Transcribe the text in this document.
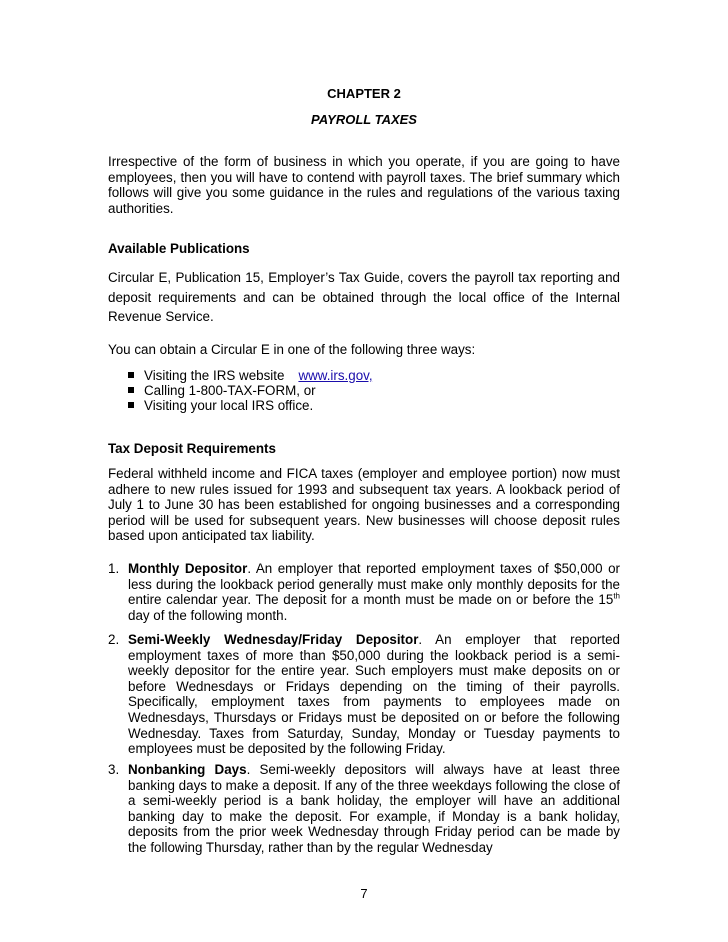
CHAPTER 2
PAYROLL TAXES
Irrespective of the form of business in which you operate, if you are going to have employees, then you will have to contend with payroll taxes. The brief summary which follows will give you some guidance in the rules and regulations of the various taxing authorities.
Available Publications
Circular E, Publication 15, Employer’s Tax Guide, covers the payroll tax reporting and deposit requirements and can be obtained through the local office of the Internal Revenue Service.
You can obtain a Circular E in one of the following three ways:
Visiting the IRS website www.irs.gov,
Calling 1-800-TAX-FORM, or
Visiting your local IRS office.
Tax Deposit Requirements
Federal withheld income and FICA taxes (employer and employee portion) now must adhere to new rules issued for 1993 and subsequent tax years. A lookback period of July 1 to June 30 has been established for ongoing businesses and a corresponding period will be used for subsequent years. New businesses will choose deposit rules based upon anticipated tax liability.
1. Monthly Depositor. An employer that reported employment taxes of $50,000 or less during the lookback period generally must make only monthly deposits for the entire calendar year. The deposit for a month must be made on or before the 15th day of the following month.
2. Semi-Weekly Wednesday/Friday Depositor. An employer that reported employment taxes of more than $50,000 during the lookback period is a semi-weekly depositor for the entire year. Such employers must make deposits on or before Wednesdays or Fridays depending on the timing of their payrolls. Specifically, employment taxes from payments to employees made on Wednesdays, Thursdays or Fridays must be deposited on or before the following Wednesday. Taxes from Saturday, Sunday, Monday or Tuesday payments to employees must be deposited by the following Friday.
3. Nonbanking Days. Semi-weekly depositors will always have at least three banking days to make a deposit. If any of the three weekdays following the close of a semi-weekly period is a bank holiday, the employer will have an additional banking day to make the deposit. For example, if Monday is a bank holiday, deposits from the prior week Wednesday through Friday period can be made by the following Thursday, rather than by the regular Wednesday
7
